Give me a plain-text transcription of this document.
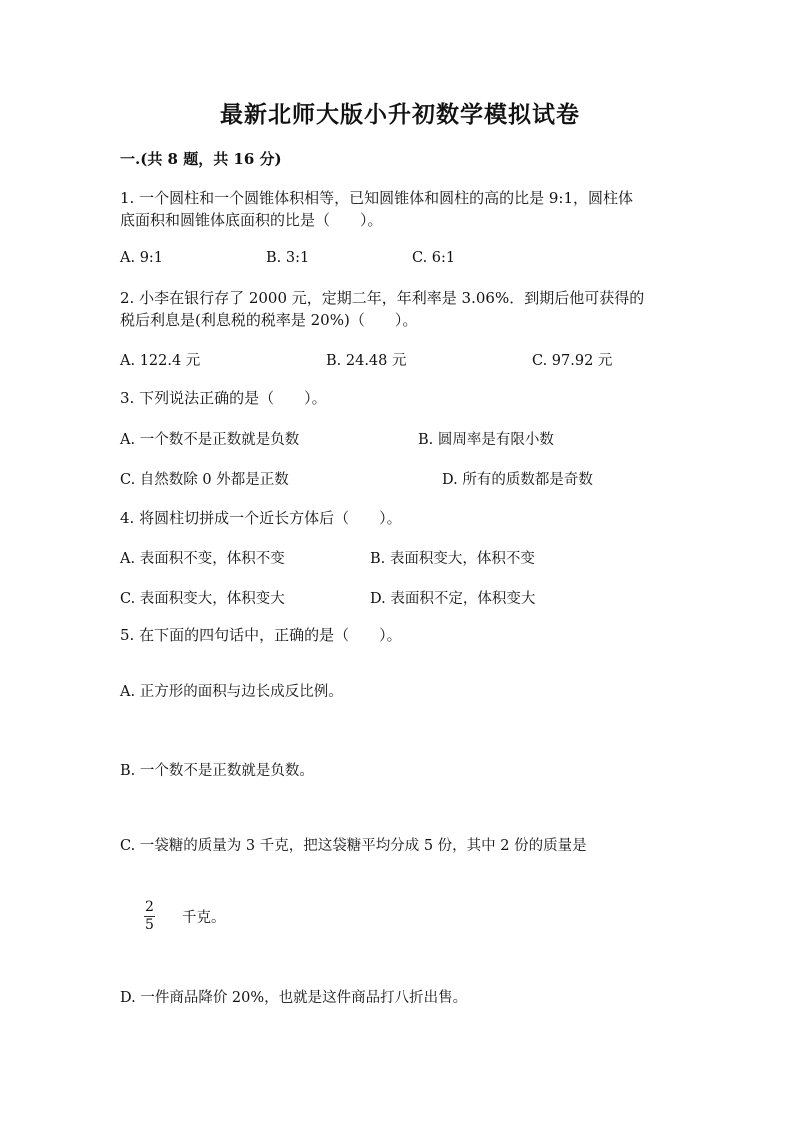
最新北师大版小升初数学模拟试卷
一.(共 8 题，共 16 分)
1. 一个圆柱和一个圆锥体积相等，已知圆锥体和圆柱的高的比是 9:1，圆柱体
底面积和圆锥体底面积的比是（　　）。
A. 9:1	B. 3:1	C. 6:1
2. 小李在银行存了 2000 元，定期二年，年利率是 3.06%．到期后他可获得的
税后利息是(利息税的税率是 20%)（　　）。
A. 122.4 元	B. 24.48 元	C. 97.92 元
3. 下列说法正确的是（　　）。
A. 一个数不是正数就是负数	B. 圆周率是有限小数
C. 自然数除 0 外都是正数	D. 所有的质数都是奇数
4. 将圆柱切拼成一个近长方体后（　　）。
A. 表面积不变，体积不变	B. 表面积变大，体积不变
C. 表面积变大，体积变大	D. 表面积不定，体积变大
5. 在下面的四句话中，正确的是（　　）。
A. 正方形的面积与边长成反比例。
B. 一个数不是正数就是负数。
C. 一袋糖的质量为 3 千克，把这袋糖平均分成 5 份，其中 2 份的质量是
$\frac{2}{5}$ 千克。
D. 一件商品降价 20%，也就是这件商品打八折出售。
